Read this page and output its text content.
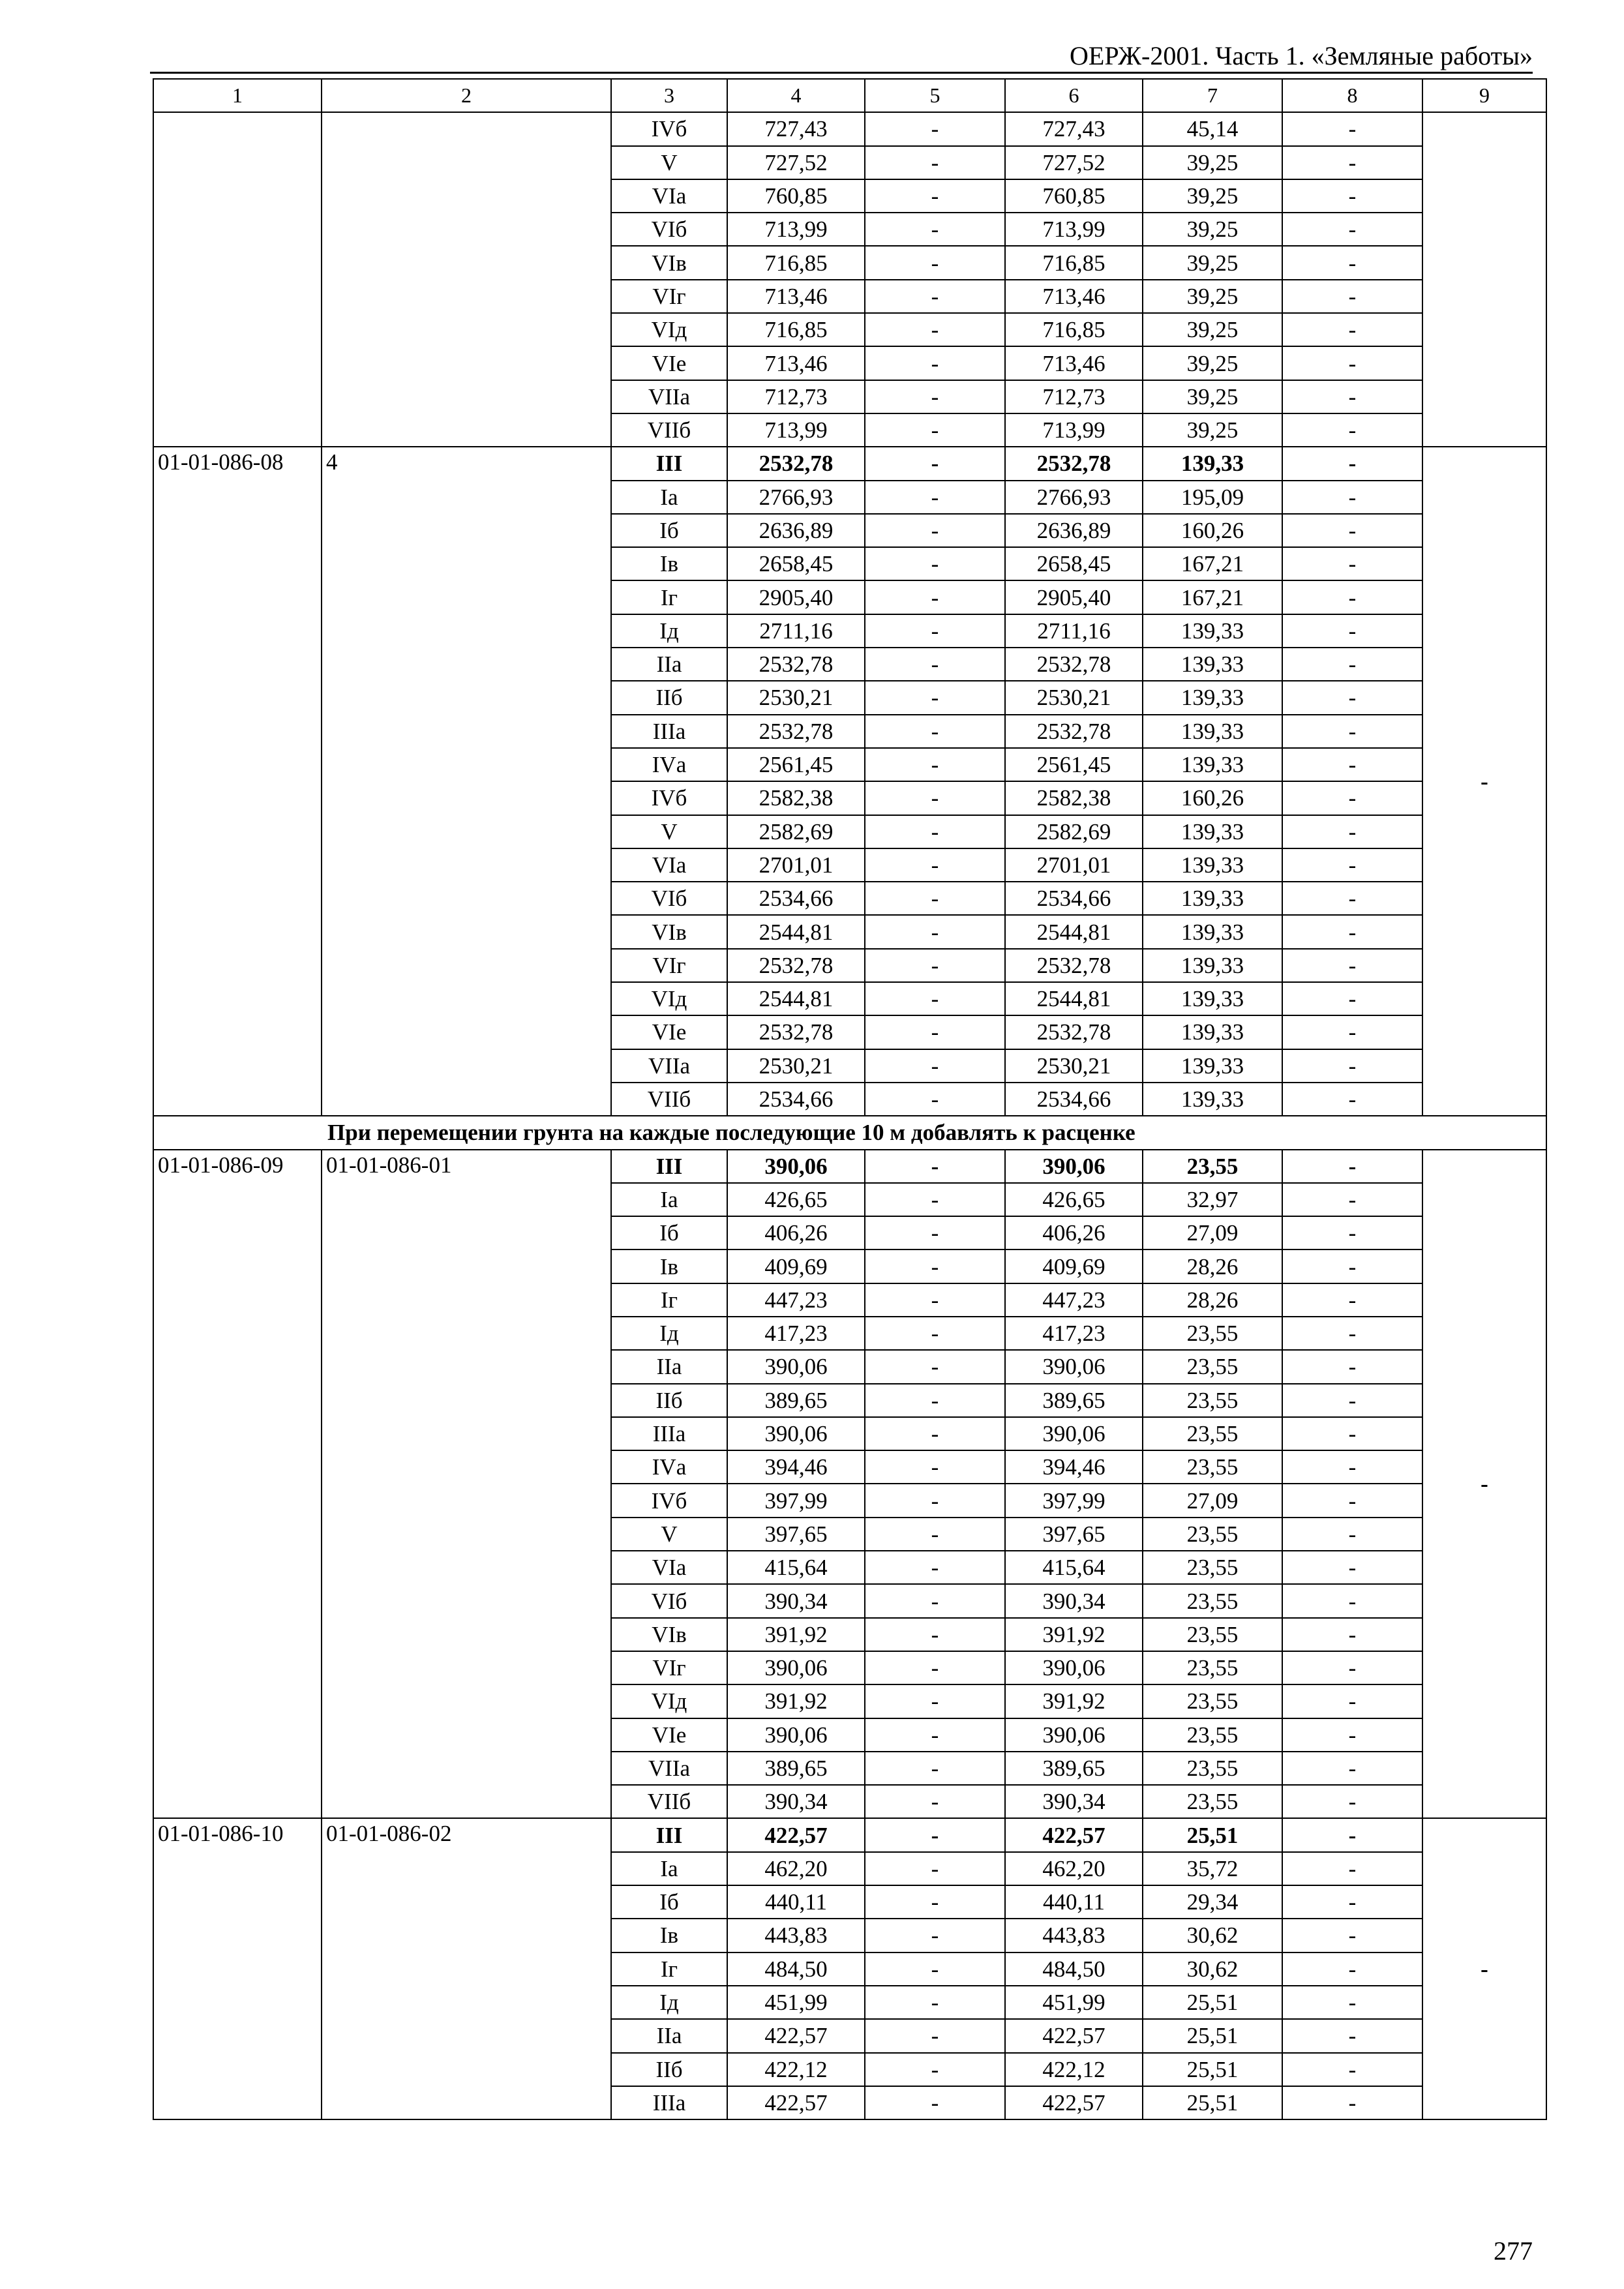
ОЕРЖ-2001. Часть 1. «Земляные работы»
1	2	3	4	5	6	7	8	9
		IVб	727,43	-	727,43	45,14	-	
		V	727,52	-	727,52	39,25	-	
		VIа	760,85	-	760,85	39,25	-	
		VIб	713,99	-	713,99	39,25	-	
		VIв	716,85	-	716,85	39,25	-	
		VIг	713,46	-	713,46	39,25	-	
		VIд	716,85	-	716,85	39,25	-	
		VIе	713,46	-	713,46	39,25	-	
		VIIа	712,73	-	712,73	39,25	-	
		VIIб	713,99	-	713,99	39,25	-	
01-01-086-08	4	III	2532,78	-	2532,78	139,33	-	-
		Iа	2766,93	-	2766,93	195,09	-	
		Iб	2636,89	-	2636,89	160,26	-	
		Iв	2658,45	-	2658,45	167,21	-	
		Iг	2905,40	-	2905,40	167,21	-	
		Iд	2711,16	-	2711,16	139,33	-	
		IIа	2532,78	-	2532,78	139,33	-	
		IIб	2530,21	-	2530,21	139,33	-	
		IIIа	2532,78	-	2532,78	139,33	-	
		IVа	2561,45	-	2561,45	139,33	-	
		IVб	2582,38	-	2582,38	160,26	-	
		V	2582,69	-	2582,69	139,33	-	
		VIа	2701,01	-	2701,01	139,33	-	
		VIб	2534,66	-	2534,66	139,33	-	
		VIв	2544,81	-	2544,81	139,33	-	
		VIг	2532,78	-	2532,78	139,33	-	
		VIд	2544,81	-	2544,81	139,33	-	
		VIе	2532,78	-	2532,78	139,33	-	
		VIIа	2530,21	-	2530,21	139,33	-	
		VIIб	2534,66	-	2534,66	139,33	-	
При перемещении грунта на каждые последующие 10 м добавлять к расценке								
01-01-086-09	01-01-086-01	III	390,06	-	390,06	23,55	-	-
		Iа	426,65	-	426,65	32,97	-	
		Iб	406,26	-	406,26	27,09	-	
		Iв	409,69	-	409,69	28,26	-	
		Iг	447,23	-	447,23	28,26	-	
		Iд	417,23	-	417,23	23,55	-	
		IIа	390,06	-	390,06	23,55	-	
		IIб	389,65	-	389,65	23,55	-	
		IIIа	390,06	-	390,06	23,55	-	
		IVа	394,46	-	394,46	23,55	-	
		IVб	397,99	-	397,99	27,09	-	
		V	397,65	-	397,65	23,55	-	
		VIа	415,64	-	415,64	23,55	-	
		VIб	390,34	-	390,34	23,55	-	
		VIв	391,92	-	391,92	23,55	-	
		VIг	390,06	-	390,06	23,55	-	
		VIд	391,92	-	391,92	23,55	-	
		VIе	390,06	-	390,06	23,55	-	
		VIIа	389,65	-	389,65	23,55	-	
		VIIб	390,34	-	390,34	23,55	-	
01-01-086-10	01-01-086-02	III	422,57	-	422,57	25,51	-	-
		Iа	462,20	-	462,20	35,72	-	
		Iб	440,11	-	440,11	29,34	-	
		Iв	443,83	-	443,83	30,62	-	
		Iг	484,50	-	484,50	30,62	-	
		Iд	451,99	-	451,99	25,51	-	
		IIа	422,57	-	422,57	25,51	-	
		IIб	422,12	-	422,12	25,51	-	
		IIIа	422,57	-	422,57	25,51	-	
277
